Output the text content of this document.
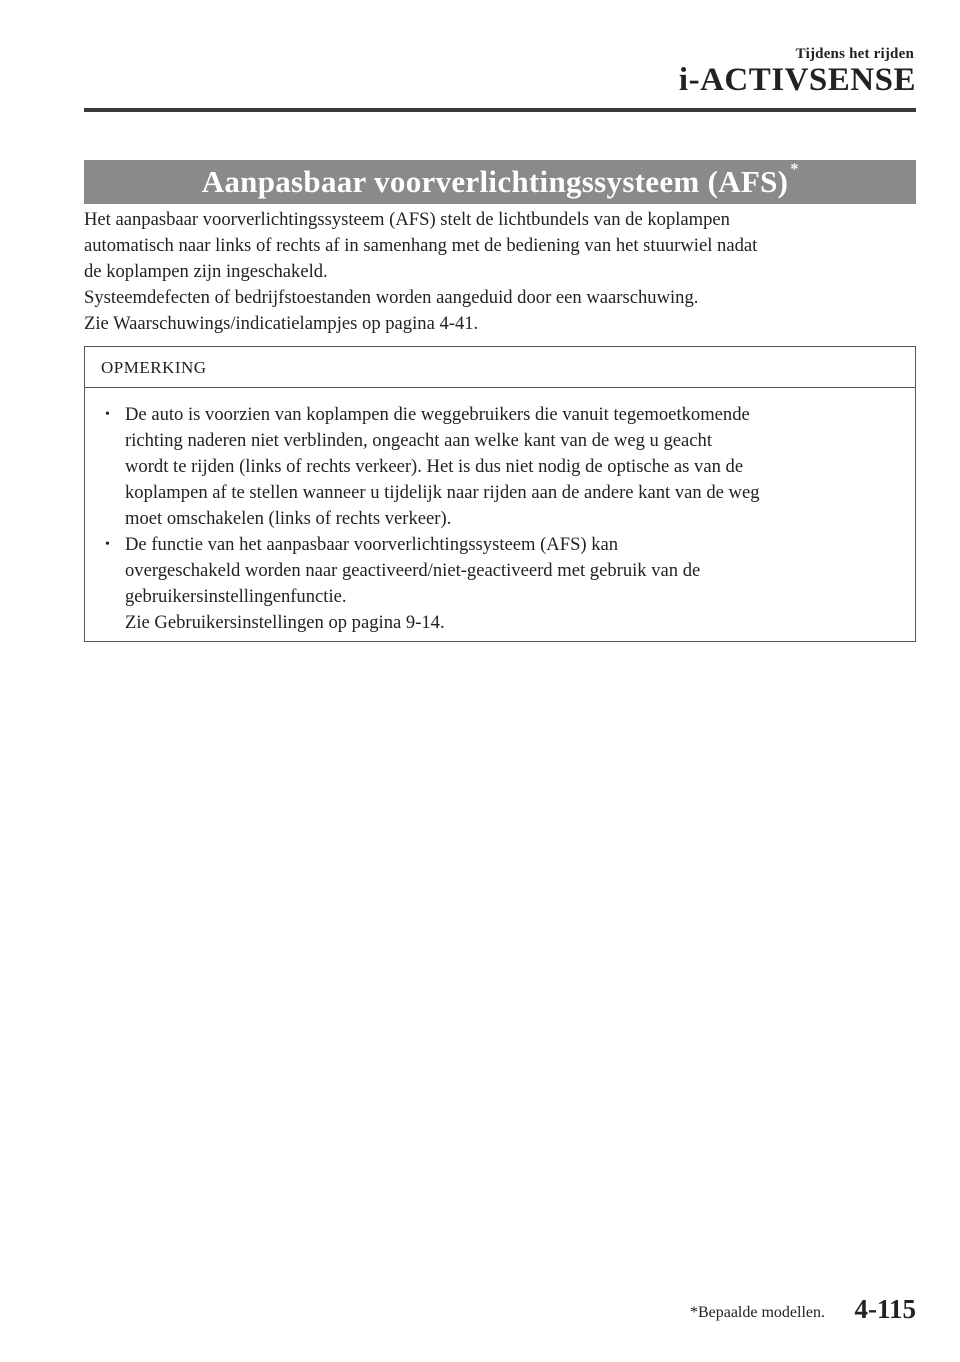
Tijdens het rijden
i-ACTIVSENSE
Aanpasbaar voorverlichtingssysteem (AFS) *

Het aanpasbaar voorverlichtingssysteem (AFS) stelt de lichtbundels van de koplampen

automatisch naar links of rechts af in samenhang met de bediening van het stuurwiel nadat

de koplampen zijn ingeschakeld.

Systeemdefecten of bedrijfstoestanden worden aangeduid door een waarschuwing.

Zie Waarschuwings/indicatielampjes op pagina 4-41.

OPMERKING
• De auto is voorzien van koplampen die weggebruikers die vanuit tegemoetkomende
richting naderen niet verblinden, ongeacht aan welke kant van de weg u geacht
wordt te rijden (links of rechts verkeer). Het is dus niet nodig de optische as van de
koplampen af te stellen wanneer u tijdelijk naar rijden aan de andere kant van de weg
moet omschakelen (links of rechts verkeer).
• De functie van het aanpasbaar voorverlichtingssysteem (AFS) kan
overgeschakeld worden naar geactiveerd/niet-geactiveerd met gebruik van de
gebruikersinstellingenfunctie.
Zie Gebruikersinstellingen op pagina 9-14.
*Bepaalde modellen. 4-115
